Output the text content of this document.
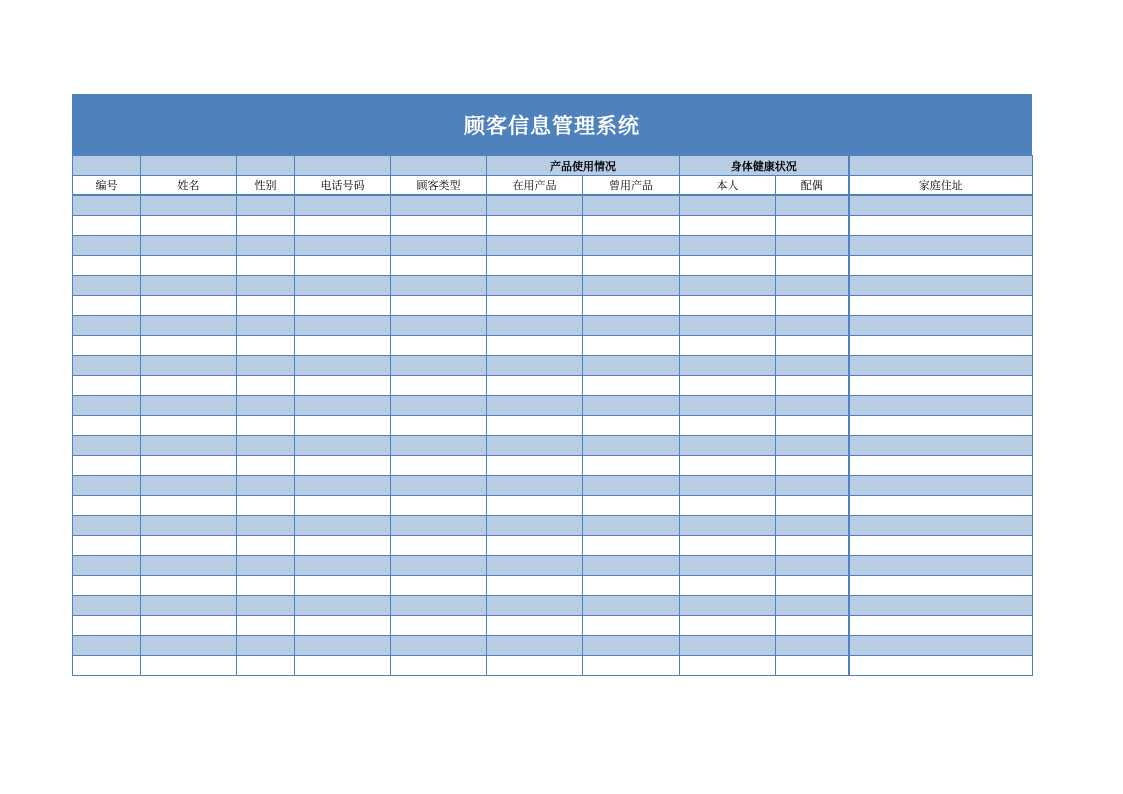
顾客信息管理系统
					产品使用情况		身体健康状况		
编号	姓名	性别	电话号码	顾客类型	在用产品	曾用产品	本人	配偶	家庭住址
